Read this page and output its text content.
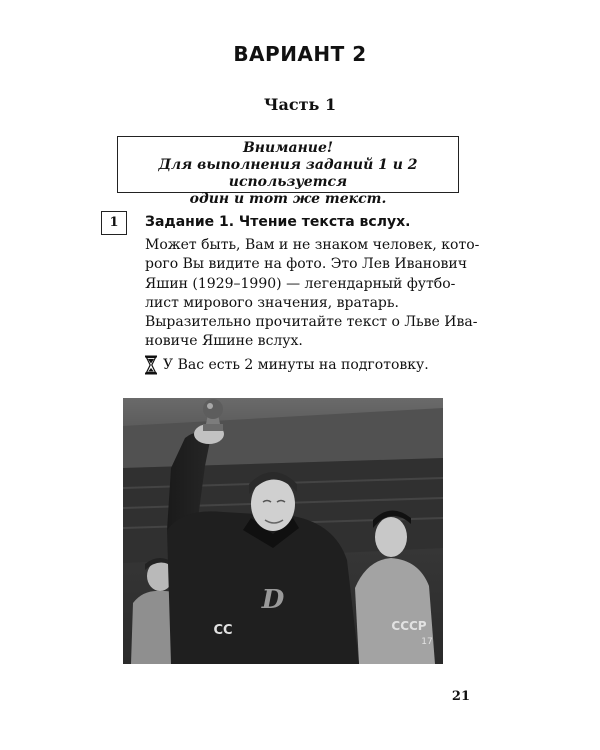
ВАРИАНТ 2
Часть 1
Внимание!
Для выполнения заданий 1 и 2 используется
один и тот же текст.
1	Задание 1. Чтение текста вслух.
Может быть, Вам и не знаком человек, кото-
рого Вы видите на фото. Это Лев Иванович
Яшин (1929–1990) — легендарный футбо-
лист мирового значения, вратарь.
Выразительно прочитайте текст о Льве Ива-
новиче Яшине вслух.
У Вас есть 2 минуты на подготовку.
D
CC	CCCP
17
21
